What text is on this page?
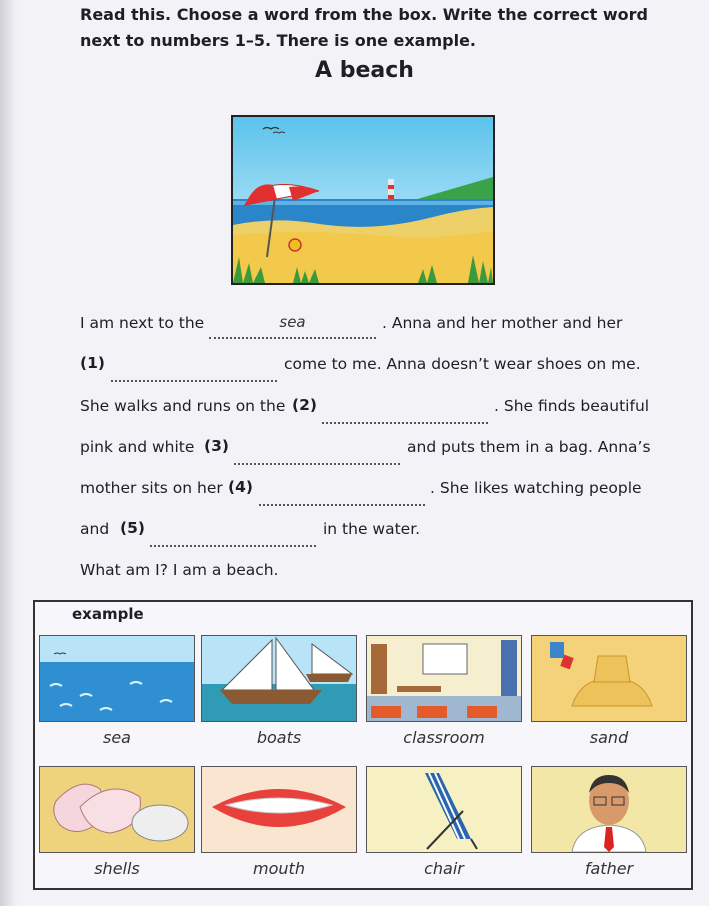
Read this. Choose a word from the box. Write the correct word next to numbers 1–5. There is one example.
A beach
I am next to the	sea	. Anna and her mother and her
(1)	come to me. Anna doesn’t wear shoes on me.
She walks and runs on the (2)	. She finds beautiful
pink and white (3)	and puts them in a bag. Anna’s
mother sits on her (4)	. She likes watching people
and (5)	in the water.
What am I? I am a beach.
example
sea	boats	classroom	sand
shells	mouth	chair	father
